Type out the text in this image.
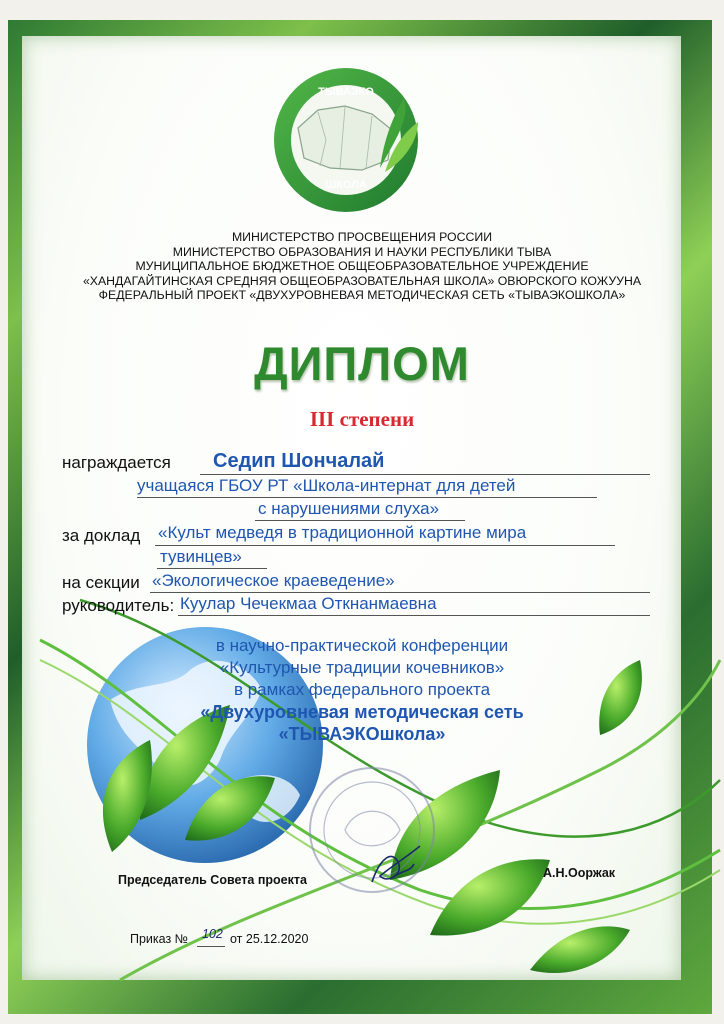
ТЫВАЭКО
ШКОЛА
МИНИСТЕРСТВО ПРОСВЕЩЕНИЯ РОССИИ
МИНИСТЕРСТВО ОБРАЗОВАНИЯ И НАУКИ РЕСПУБЛИКИ ТЫВА
МУНИЦИПАЛЬНОЕ БЮДЖЕТНОЕ ОБЩЕОБРАЗОВАТЕЛЬНОЕ УЧРЕЖДЕНИЕ
«ХАНДАГАЙТИНСКАЯ СРЕДНЯЯ ОБЩЕОБРАЗОВАТЕЛЬНАЯ ШКОЛА» ОВЮРСКОГО КОЖУУНА
ФЕДЕРАЛЬНЫЙ ПРОЕКТ «ДВУХУРОВНЕВАЯ МЕТОДИЧЕСКАЯ СЕТЬ «ТЫВАЭКОШКОЛА»
ДИПЛОМ
III степени
награждается Седип Шончалай
учащаяся ГБОУ РТ «Школа-интернат для детей
с нарушениями слуха»
за доклад «Культ медведя в традиционной картине мира
тувинцев»
на секции «Экологическое краеведение»
руководитель: Куулар Чечекмаа Откнанмаевна
в научно-практической конференции
«Культурные традиции кочевников»
в рамках федерального проекта
«Двухуровневая методическая сеть
«ТЫВАЭКОшкола»
Председатель Совета проекта	А.Н.Ооржак
Приказ № 102 от 25.12.2020
